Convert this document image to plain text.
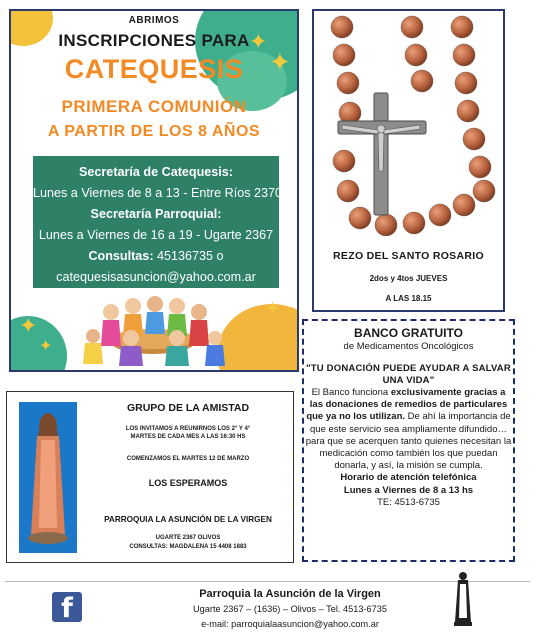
✦
✦
✦
✦
✦
ABRIMOS
INSCRIPCIONES PARA
CATEQUESIS
PRIMERA COMUNIÓN
A PARTIR DE LOS 8 AÑOS
Secretaría de Catequesis:
Lunes a Viernes de 8 a 13 - Entre Ríos 2370
Secretaría Parroquial:
Lunes a Viernes de 16 a 19 - Ugarte 2367
Consultas: 45136735 o
catequesisasuncion@yahoo.com.ar
REZO DEL SANTO ROSARIO
2dos y 4tos JUEVES
A LAS 18.15
BANCO GRATUITO
de Medicamentos Oncológicos
"TU DONACIÓN PUEDE AYUDAR A SALVAR UNA VIDA"

El Banco funciona exclusivamente gracias a las donaciones de remedios de particulares que ya no los utilizan. De ahí la importancia de que este servicio sea ampliamente difundido…

para que se acerquen tanto quienes necesitan la medicación como también los que puedan donarla, y así, la misión se cumpla.

Horario de atención telefónica

Lunes a Viernes de 8 a 13 hs

TE: 4513-6735

GRUPO DE LA AMISTAD
LOS INVITAMOS A REUNIRNOS LOS 2° Y 4° MARTES DE CADA MES A LAS 16:30 HS
COMENZAMOS EL MARTES 12 DE MARZO
LOS ESPERAMOS
PARROQUIA LA ASUNCIÓN DE LA VIRGEN
UGARTE 2367 OLIVOS
CONSULTAS: MAGDALENA 15 4408 1883
f	Parroquia la Asunción de la Virgen
Ugarte 2367 – (1636) – Olivos – Tel. 4513-6735
e-mail: parroquialaasuncion@yahoo.com.ar
